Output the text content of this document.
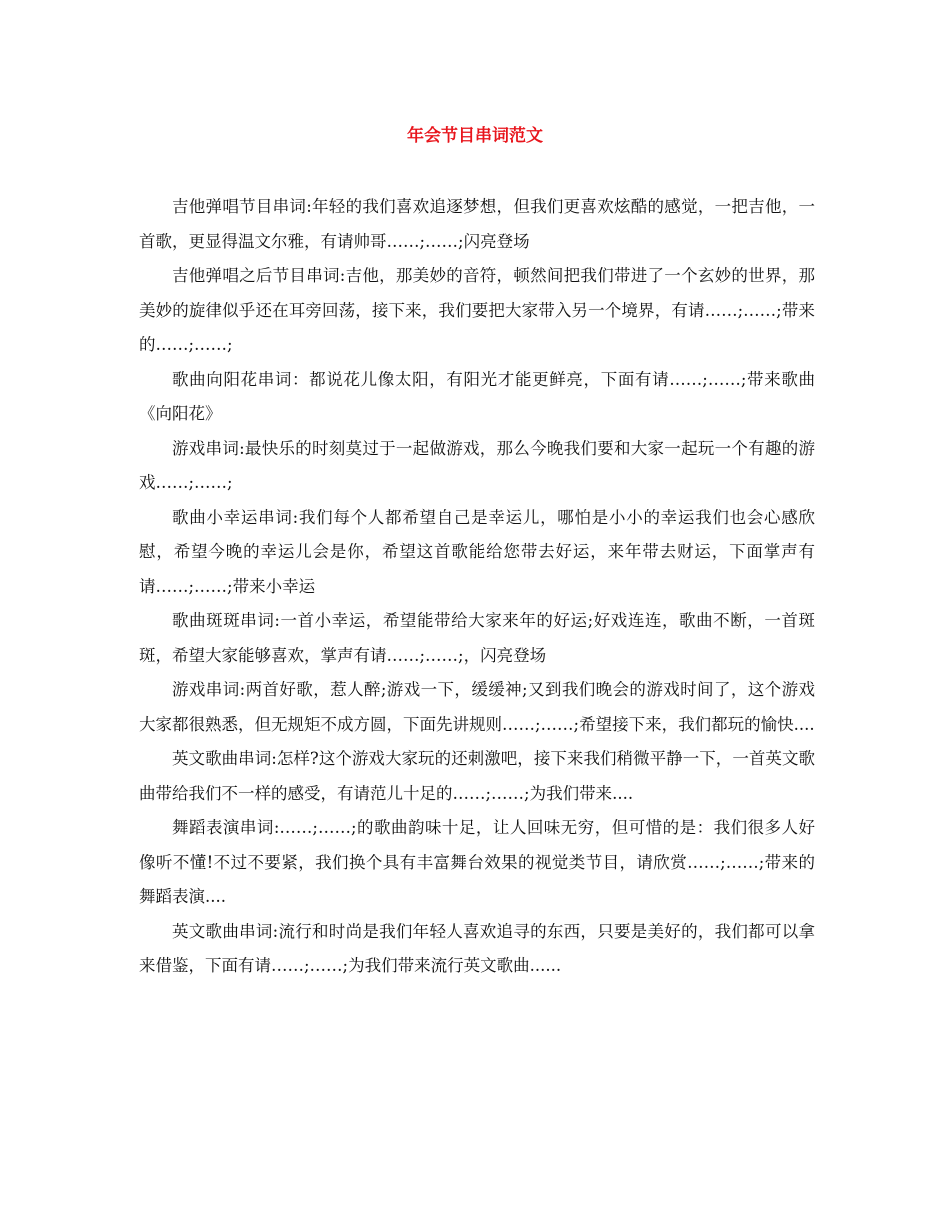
年会节目串词范文

吉他弹唱节目串词:年轻的我们喜欢追逐梦想，但我们更喜欢炫酷的感觉，一把吉他，一首歌，更显得温文尔雅，有请帅哥……;……;闪亮登场

吉他弹唱之后节目串词:吉他，那美妙的音符，顿然间把我们带进了一个玄妙的世界，那美妙的旋律似乎还在耳旁回荡，接下来，我们要把大家带入另一个境界，有请……;……;带来的……;……;

歌曲向阳花串词：都说花儿像太阳，有阳光才能更鲜亮，下面有请……;……;带来歌曲《向阳花》

游戏串词:最快乐的时刻莫过于一起做游戏，那么今晚我们要和大家一起玩一个有趣的游戏……;……;

歌曲小幸运串词:我们每个人都希望自己是幸运儿，哪怕是小小的幸运我们也会心感欣慰，希望今晚的幸运儿会是你，希望这首歌能给您带去好运，来年带去财运，下面掌声有请……;……;带来小幸运

歌曲斑斑串词:一首小幸运，希望能带给大家来年的好运;好戏连连，歌曲不断，一首斑斑，希望大家能够喜欢，掌声有请……;……;，闪亮登场

游戏串词:两首好歌，惹人醉;游戏一下，缓缓神;又到我们晚会的游戏时间了，这个游戏大家都很熟悉，但无规矩不成方圆，下面先讲规则……;……;希望接下来，我们都玩的愉快....

英文歌曲串词:怎样?这个游戏大家玩的还刺激吧，接下来我们稍微平静一下，一首英文歌曲带给我们不一样的感受，有请范儿十足的……;……;为我们带来....

舞蹈表演串词:……;……;的歌曲韵味十足，让人回味无穷，但可惜的是：我们很多人好像听不懂!不过不要紧，我们换个具有丰富舞台效果的视觉类节目，请欣赏……;……;带来的舞蹈表演....

英文歌曲串词:流行和时尚是我们年轻人喜欢追寻的东西，只要是美好的，我们都可以拿来借鉴，下面有请……;……;为我们带来流行英文歌曲......
